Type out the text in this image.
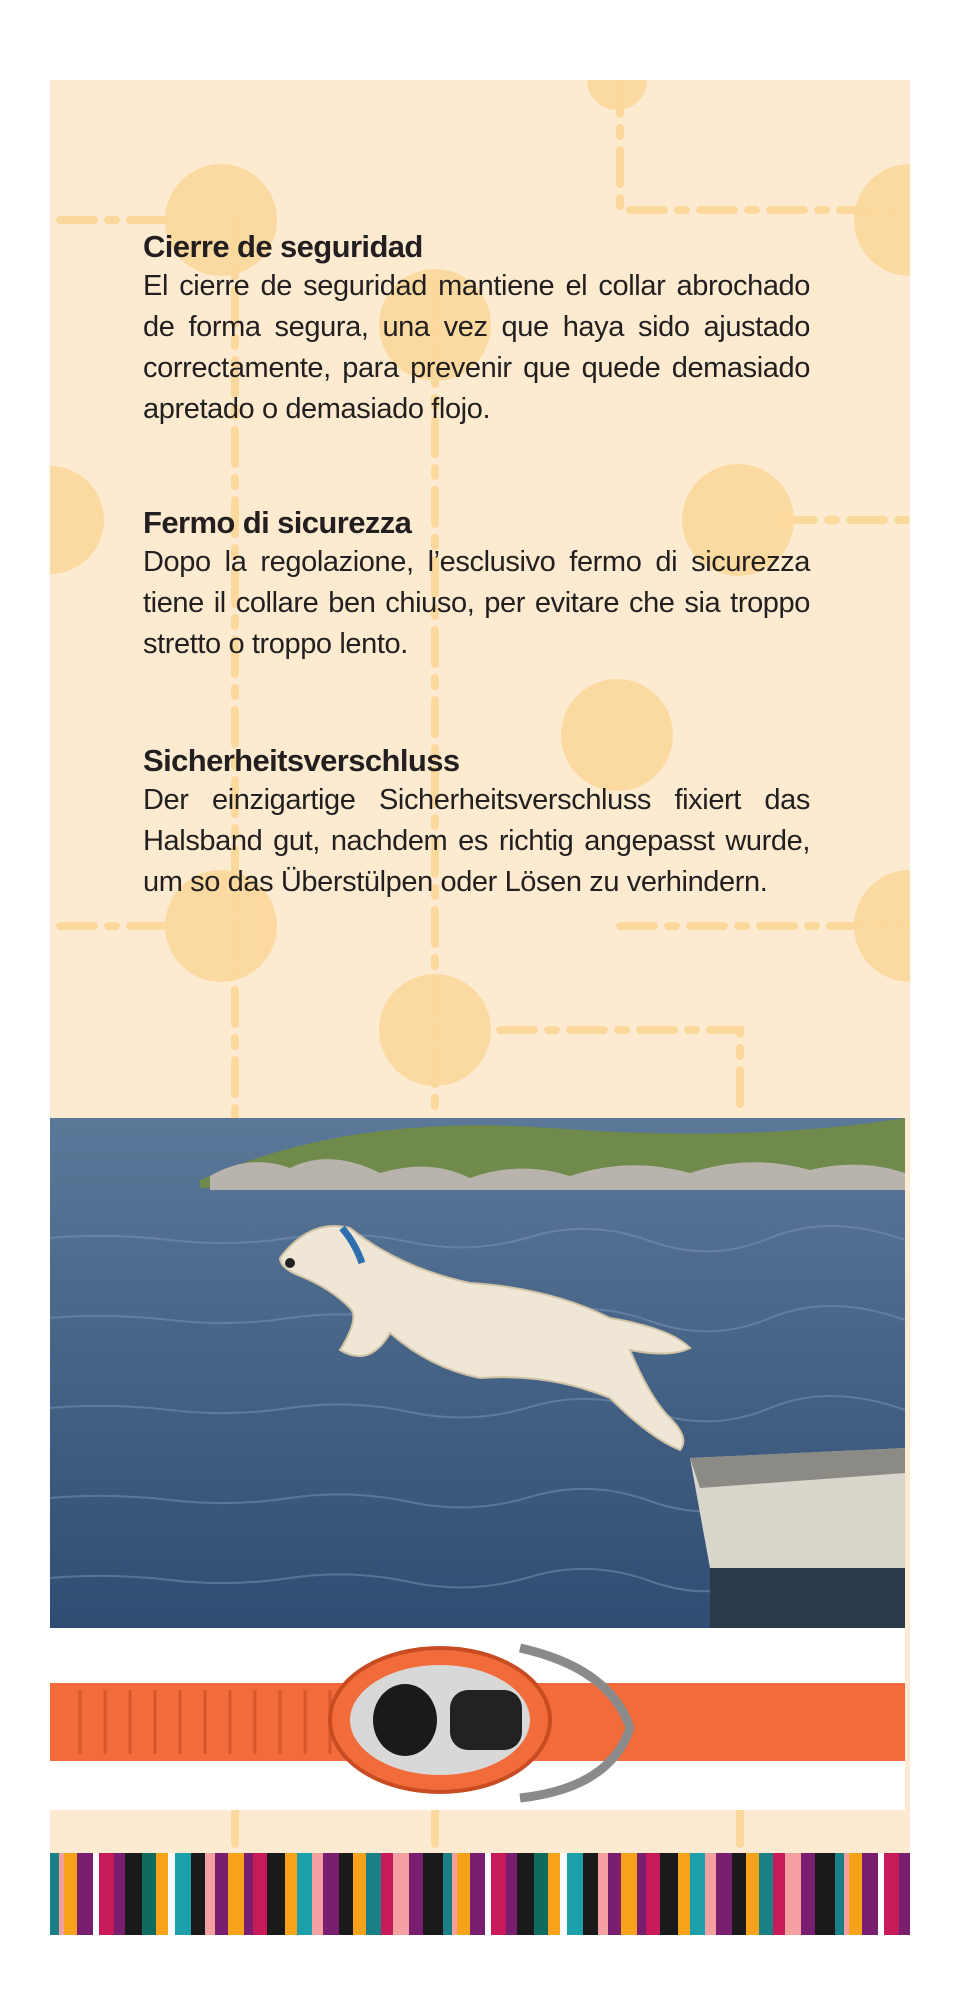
Cierre de seguridad

El cierre de seguridad mantiene el collar abrochado de forma segura, una vez que haya sido ajustado correctamente, para prevenir que quede demasiado apretado o demasiado flojo.

Fermo di sicurezza

Dopo la regolazione, l’esclusivo fermo di sicurezza tiene il collare ben chiuso, per evitare che sia troppo stretto o troppo lento.

Sicherheitsverschluss

Der einzigartige Sicherheitsverschluss fixiert das Halsband gut, nachdem es richtig angepasst wurde, um so das Überstülpen oder Lösen zu verhindern.
